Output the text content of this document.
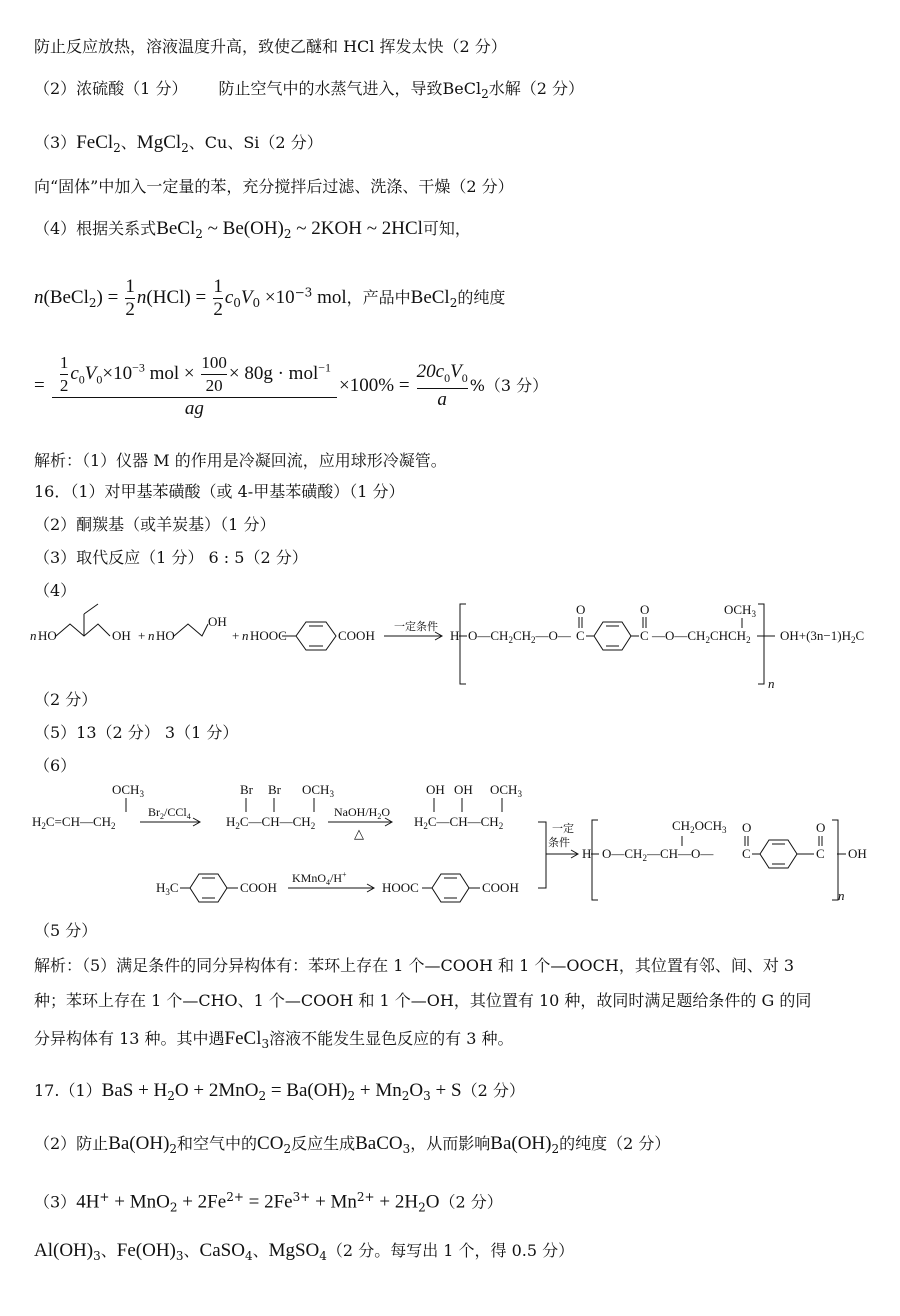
防止反应放热，溶液温度升高，致使乙醚和 HCl 挥发太快（2 分）
（2）浓硫酸（1 分） 防止空气中的水蒸气进入，导致BeCl$_2$水解（2 分）
（3）FeCl$_2$、MgCl$_2$、Cu、Si（2 分）
向“固体”中加入一定量的苯，充分搅拌后过滤、洗涤、干燥（2 分）
（4）根据关系式BeCl$_2$ ~ $Be(OH)_2$ ~ 2KOH ~ 2HCl可知，
n(BeCl$_2$) = $\frac{1}{2} n(HCl) = \frac{1}{2} c_0V_0 \times 10^{-3}$ mol，产品中BeCl$_2$的纯度
= $\frac{\frac{1}{2} c_0V_0\times 10^{-3} mol \times \frac{100}{20} \times 80g \cdot mol^{-1}}{ag} \times 100\% = \frac{20c_0V_0}{a} \%(3$ 分）
解析：（1）仪器 M 的作用是冷凝回流，应用球形冷凝管。
16．（1）对甲基苯磺酸（或 4-甲基苯磺酸）（1 分）
（2）酮羰基（或羊炭基）（1 分）
（3）取代反应（1 分） 6 : 5（2 分）
（4）
n HO	OH + n HO
OH
+ n HOOC	COOH
一定条件
H $O—CH_2CH_2—O—$ C
O
C
O
$—O—CH_2CHCH_2$
$OCH_3$
$OH+(3n-1)H_2C$
n
（2 分）
（5）13（2 分） 3（1 分）
（6）
$OCH_3$
$H_2C=CH—CH_2$
$Br_2/CCl_4$
Br Br $OCH_3$
$H_2C—CH—CH_2$
NaOH/$H_2O$
△
OH OH $OCH_3$
$H_2C—CH—CH_2$	一定
条件
H $O—CH_2—CH—O—$
$CH_2OCH_3$
C
O
C
O
OH
n
$H_3C$	COOH
KMnO$_4$/H+
HOOC	COOH
（5 分）
解析：（5）满足条件的同分异构体有：苯环上存在 1 个—COOH 和 1 个—OOCH，其位置有邻、间、对 3
种；苯环上存在 1 个—CHO、1 个—COOH 和 1 个—OH，其位置有 10 种，故同时满足题给条件的 G 的同
分异构体有 13 种。其中遇FeCl$_3$溶液不能发生显色反应的有 3 种。
$17.(1)BaS + H_2O + 2MnO_2 = Ba(OH)_2 + Mn_2O_3 + S(2$ 分）
（2）防止$Ba(OH)_2$和空气中的$CO_2$反应生成BaCO$_3$，从而影响$Ba(OH)_2$的纯度（2 分）
$(3)4H^+ + MnO_2 + 2Fe^{2+} = 2Fe^{3+} + Mn^{2+} + 2H_2O(2$ 分）
$Al(OH)_3$、$Fe(OH)_3$、CaSO$_4$、MgSO$_4$（2 分。每写出 1 个，得 0.5 分）
